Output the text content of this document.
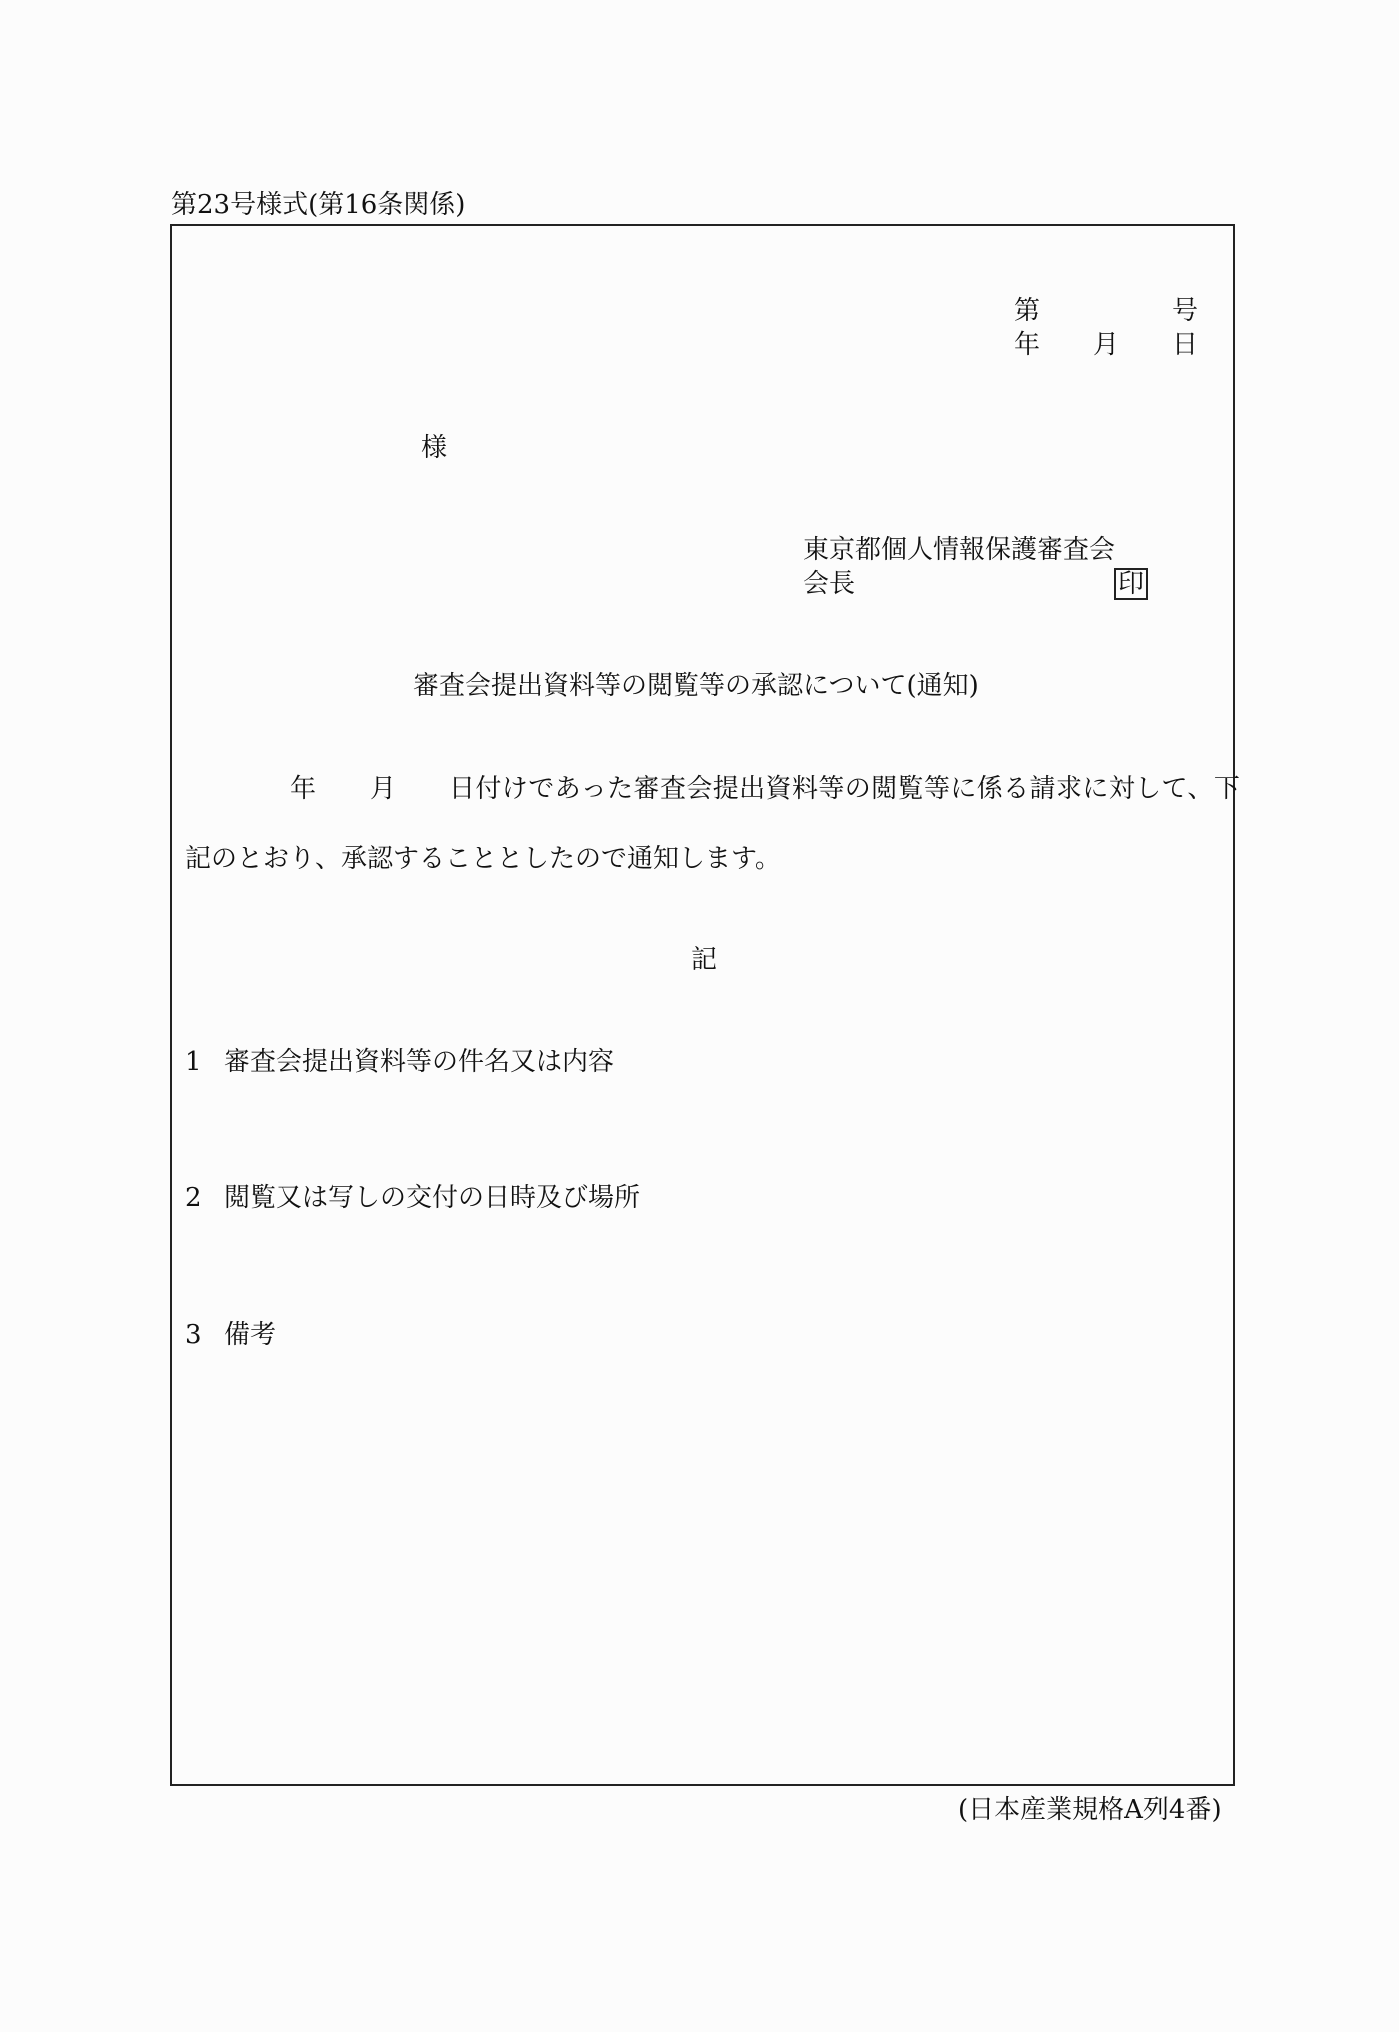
第23号様式(第16条関係)
第	号
年 月 日
様
東京都個人情報保護審査会
会長	印
審査会提出資料等の閲覧等の承認について(通知)
年 月 日付けであった審査会提出資料等の閲覧等に係る請求に対して、下
記のとおり、承認することとしたので通知します。
記
1 審査会提出資料等の件名又は内容
2 閲覧又は写しの交付の日時及び場所
3 備考
(日本産業規格A列4番)
